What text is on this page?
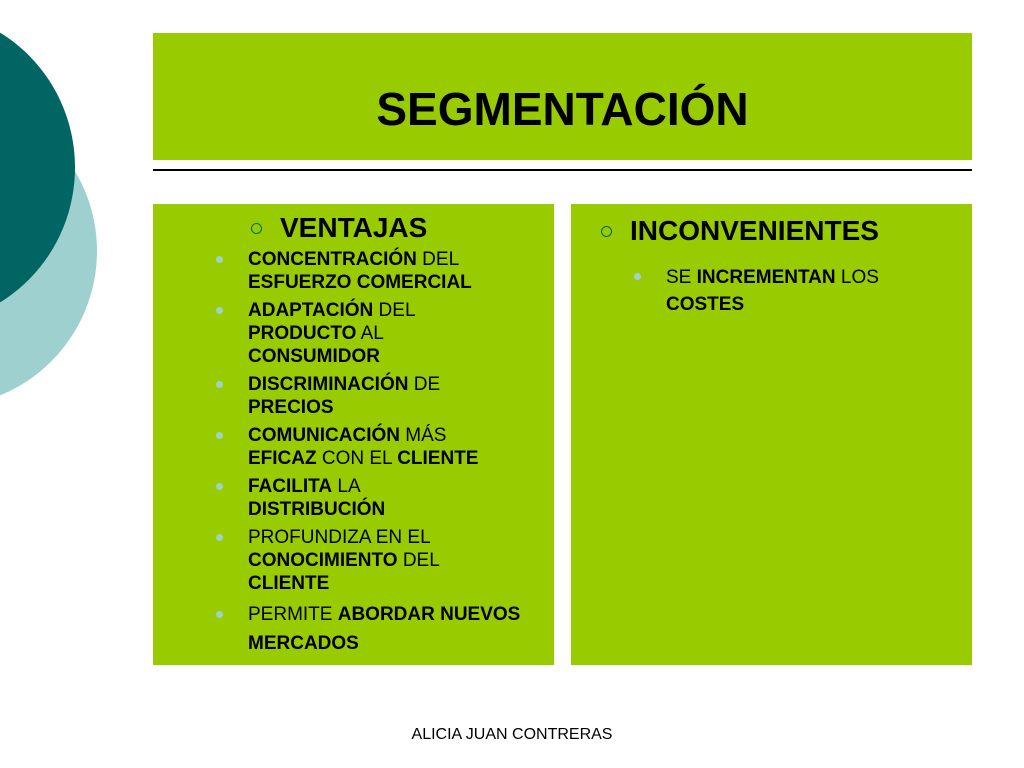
SEGMENTACIÓN
VENTAJAS
CONCENTRACIÓN DEL ESFUERZO COMERCIAL
ADAPTACIÓN DEL
PRODUCTO AL
CONSUMIDOR
DISCRIMINACIÓN DE
PRECIOS
COMUNICACIÓN MÁS
EFICAZ CON EL CLIENTE
FACILITA LA
DISTRIBUCIÓN
PROFUNDIZA EN EL
CONOCIMIENTO DEL
CLIENTE
PERMITE ABORDAR NUEVOS MERCADOS
INCONVENIENTES
SE INCREMENTAN LOS
COSTES
ALICIA JUAN CONTRERAS
